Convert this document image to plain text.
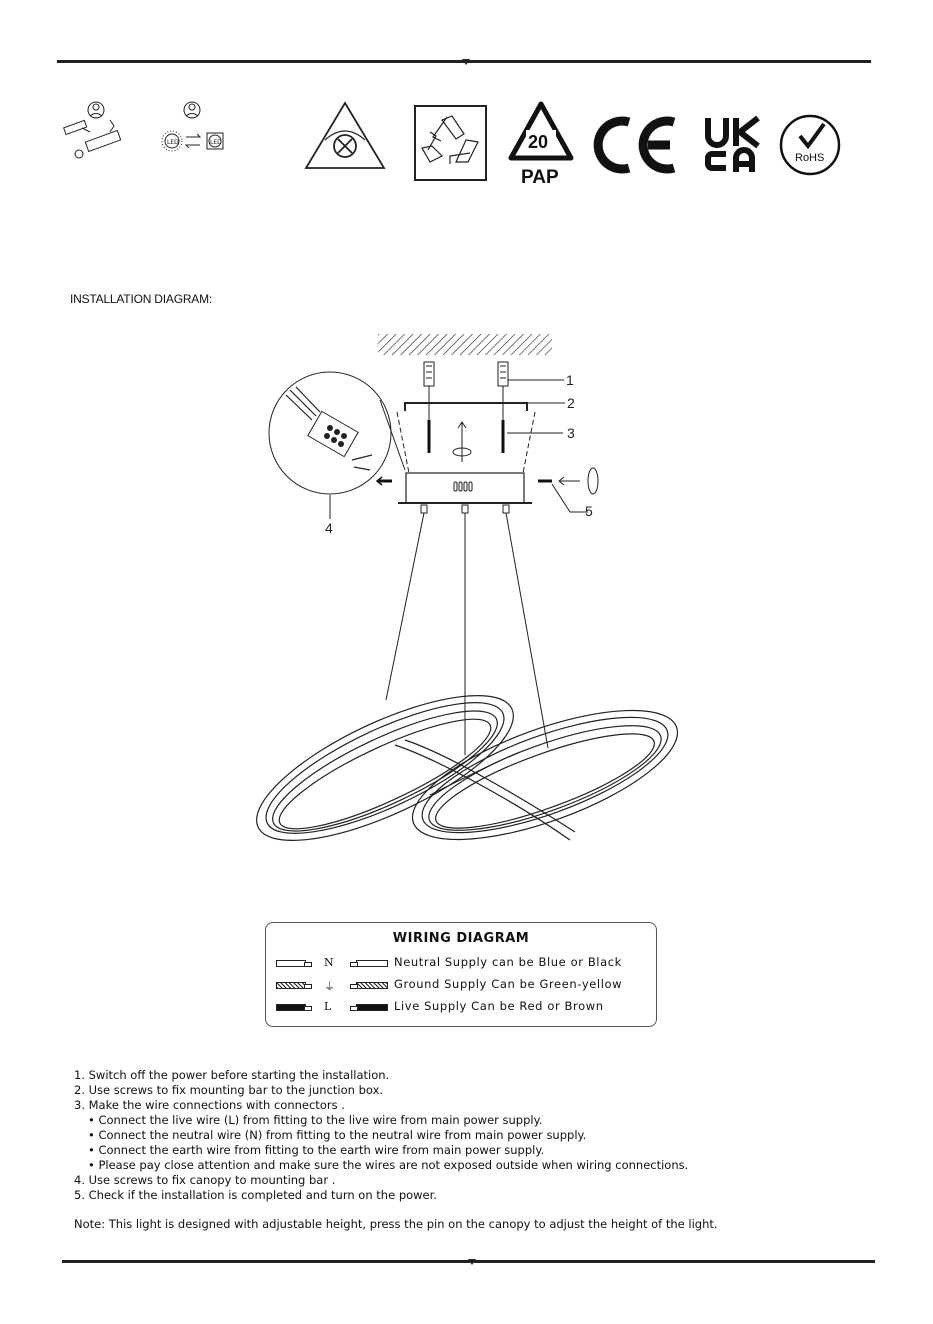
LED	LED	20
PAP
RoHS
INSTALLATION DIAGRAM:
1
2
3
4
5
WIRING DIAGRAM
N	Neutral Supply can be Blue or Black
⏚	Ground Supply Can be Green-yellow
L	Live Supply Can be Red or Brown
1. Switch off the power before starting the installation.
2. Use screws to fix mounting bar to the junction box.
3. Make the wire connections with connectors .
• Connect the live wire (L) from fitting to the live wire from main power supply.
• Connect the neutral wire (N) from fitting to the neutral wire from main power supply.
• Connect the earth wire from fitting to the earth wire from main power supply.
• Please pay close attention and make sure the wires are not exposed outside when wiring connections.
4. Use screws to fix canopy to mounting bar .
5. Check if the installation is completed and turn on the power.
Note: This light is designed with adjustable height, press the pin on the canopy to adjust the height of the light.
